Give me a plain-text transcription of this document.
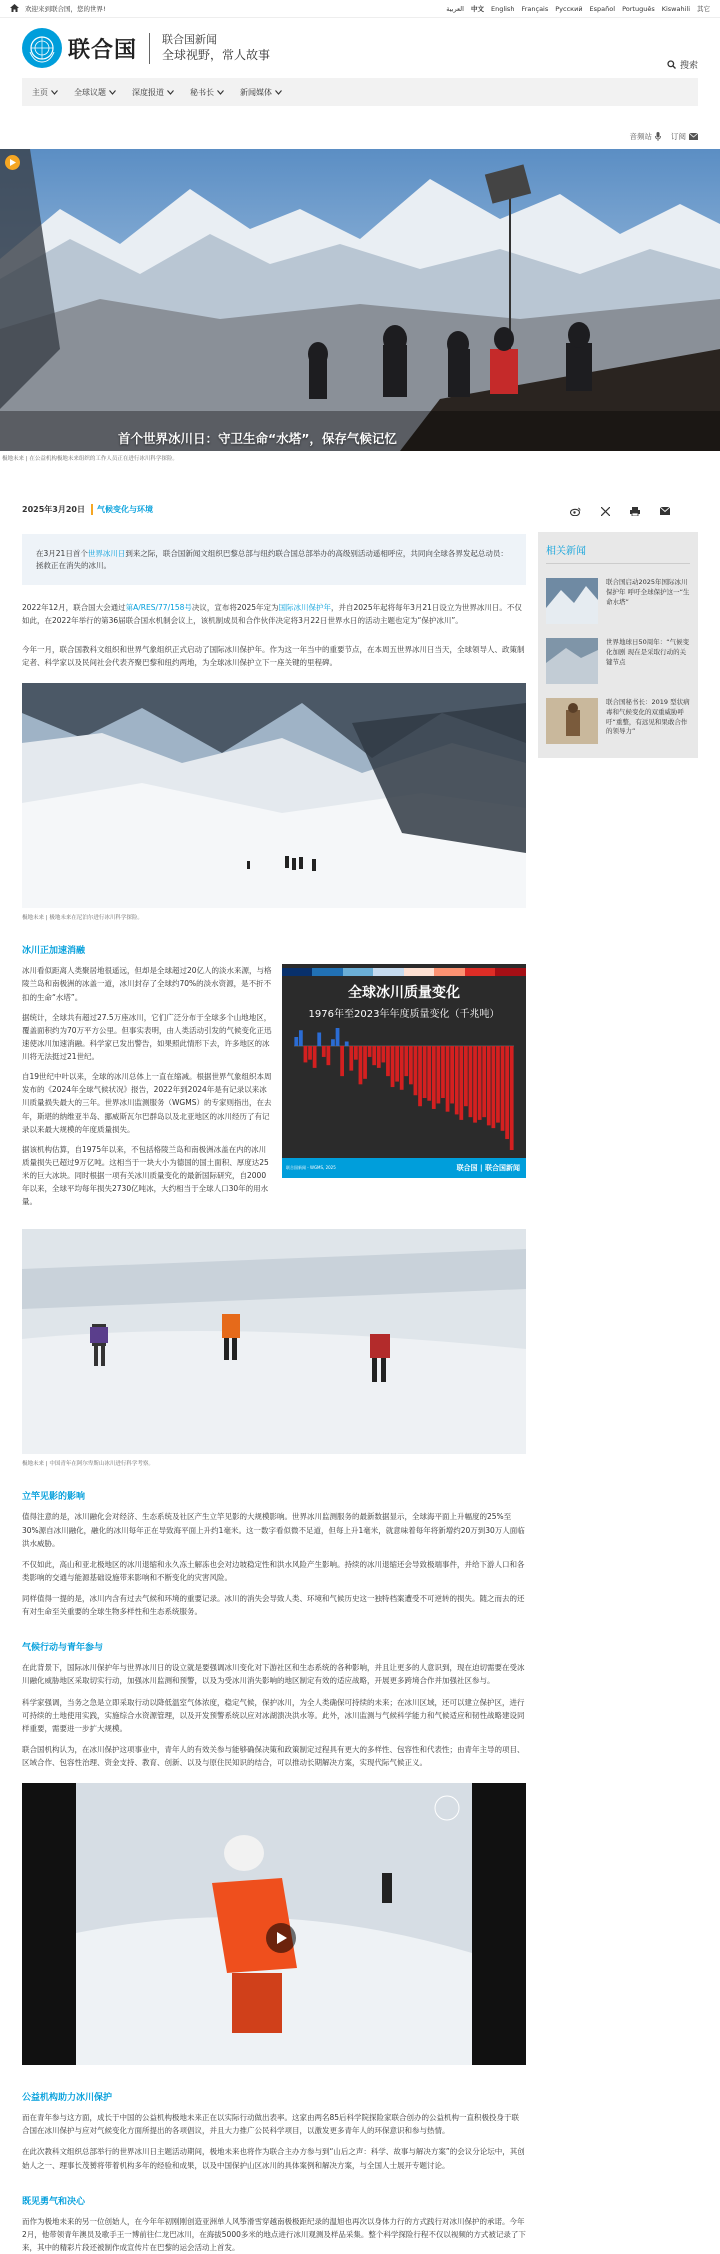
欢迎来到联合国，您的世界!	العربية 中文 English Français Русский Español Português Kiswahili 其它
联合国	联合国新闻
全球视野，常人故事
搜索
主页	全球议题	深度报道	秘书长	新闻媒体
音频站	订阅
首个世界冰川日：守卫生命“水塔”，保存气候记忆
极地未来 | 在公益机构极地未来组织的工作人员正在进行冰川科学探险。
2025年3月20日	气候变化与环境
在3月21日首个世界冰川日到来之际，联合国新闻文组织巴黎总部与纽约联合国总部举办的高级别活动遥相呼应，共同向全球各界发起总动员：拯救正在消失的冰川。

2022年12月，联合国大会通过第A/RES/77/158号决议，宣布将2025年定为国际冰川保护年，并自2025年起将每年3月21日设立为世界冰川日。不仅如此，在2022年举行的第36届联合国水机制会议上，该机制成员和合作伙伴决定将3月22日世界水日的活动主题也定为“保护冰川”。

今年一月，联合国教科文组织和世界气象组织正式启动了国际冰川保护年。作为这一年当中的重要节点，在本周五世界冰川日当天，全球领导人、政策制定者、科学家以及民间社会代表齐聚巴黎和纽约两地，为全球冰川保护立下一座关键的里程碑。

极地未来 | 极地未来在尼泊尔进行冰川科学探险。
冰川正加速消融

冰川看似距离人类聚居地很遥远，但却是全球超过20亿人的淡水来源，与格陵兰岛和南极洲的冰盖一道，冰川封存了全球约70%的淡水资源，是不折不扣的生命“水塔”。

据统计，全球共有超过27.5万座冰川，它们广泛分布于全球多个山地地区，覆盖面积约为70万平方公里。但事实表明，由人类活动引发的气候变化正迅速使冰川加速消融。科学家已发出警告，如果照此情形下去，许多地区的冰川将无法挺过21世纪。

自19世纪中叶以来，全球的冰川总体上一直在缩减。根据世界气象组织本周发布的《2024年全球气候状况》报告，2022年到2024年是有记录以来冰川质量损失最大的三年。世界冰川监测服务（WGMS）的专家则指出，在去年，斯堪的纳维亚半岛、挪威斯瓦尔巴群岛以及北亚地区的冰川经历了有记录以来最大规模的年度质量损失。

据该机构估算，自1975年以来，不包括格陵兰岛和南极洲冰盖在内的冰川质量损失已超过9万亿吨。这相当于一块大小为德国的国土面积、厚度达25米的巨大冰块。同时根据一项有关冰川质量变化的最新国际研究，自2000年以来，全球平均每年损失2730亿吨冰，大约相当于全球人口30年的用水量。

全球冰川质量变化
1976年至2023年年度质量变化（千兆吨）
联合国新闻 - WGMS, 2025	联合国 | 联合国新闻
极地未来 | 中国青年在阿尔卑斯山冰川进行科学考察。
立竿见影的影响

值得注意的是，冰川融化会对经济、生态系统及社区产生立竿见影的大规模影响。世界冰川监测服务的最新数据显示，全球海平面上升幅度的25%至30%源自冰川融化，融化的冰川每年正在导致海平面上升约1毫米。这一数字看似微不足道，但每上升1毫米，就意味着每年将新增约20万到30万人面临洪水威胁。

不仅如此，高山和亚北极地区的冰川退缩和永久冻土解冻也会对边坡稳定性和洪水风险产生影响。持续的冰川退缩还会导致极端事件，并给下游人口和各类影响的交通与能源基础设施带来影响和不断变化的灾害风险。

同样值得一提的是，冰川内含有过去气候和环境的重要记录。冰川的消失会导致人类、环境和气候历史这一独特档案遭受不可逆转的损失。随之而去的还有对生命至关重要的全球生物多样性和生态系统服务。

气候行动与青年参与

在此背景下，国际冰川保护年与世界冰川日的设立就是要强调冰川变化对下游社区和生态系统的各种影响，并且让更多的人意识到，现在迫切需要在受冰川融化威胁地区采取切实行动，加强冰川监测和预警，以及为受冰川消失影响的地区制定有效的适应战略，开展更多跨境合作并加强社区参与。

科学家强调，当务之急是立即采取行动以降低温室气体浓度，稳定气候，保护冰川，为全人类确保可持续的未来；在冰川区域，还可以建立保护区，进行可持续的土地使用实践，实施综合水资源管理，以及开发预警系统以应对冰湖溃决洪水等。此外，冰川监测与气候科学能力和气候适应和韧性战略建设同样重要，需要进一步扩大规模。

联合国机构认为，在冰川保护这项事业中，青年人的有效关参与能够确保决策和政策制定过程具有更大的多样性、包容性和代表性；由青年主导的项目、区域合作、包容性治理、资金支持、教育、创新、以及与原住民知识的结合，可以推动长期解决方案，实现代际气候正义。

公益机构助力冰川保护

而在青年参与这方面，成长于中国的公益机构极地未来正在以实际行动做出表率。这家由两名85后科学院探险家联合创办的公益机构一直积极投身于联合国在冰川保护与应对气候变化方面所提出的各项倡议，并且大力推广公民科学项目，以激发更多青年人的环保意识和参与热情。

在此次教科文组织总部举行的世界冰川日主题活动期间，极地未来也将作为联合主办方参与到“山后之声：科学、故事与解决方案”的会议分论坛中，其创始人之一、理事长茂赟将带着机构多年的经验和成果，以及中国保护山区冰川的具体案例和解决方案，与全国人士展开专题讨论。

既见勇气和决心

而作为极地未来的另一位创始人，在今年年初刚刚创造亚洲单人风筝滑雪穿越南极极距纪录的温旭也再次以身体力行的方式践行对冰川保护的承诺。今年2月，他带领青年澳员及歌手王一博前往仁龙巴冰川，在海拔5000多米的地点进行冰川观测及样品采集。整个科学探险行程不仅以视频的方式被记录了下来，其中的精彩片段还被制作成宣传片在巴黎的运会活动上首发。

相关新闻
联合国启动2025年国际冰川保护年 呼吁全球保护这一“生命水塔”
世界地球日50周年：“气候变化加剧 现在是采取行动的关键节点
联合国秘书长：2019 型状病毒和气候变化的双重威胁呼吁“重整，有远见和果敢合作的领导力”
